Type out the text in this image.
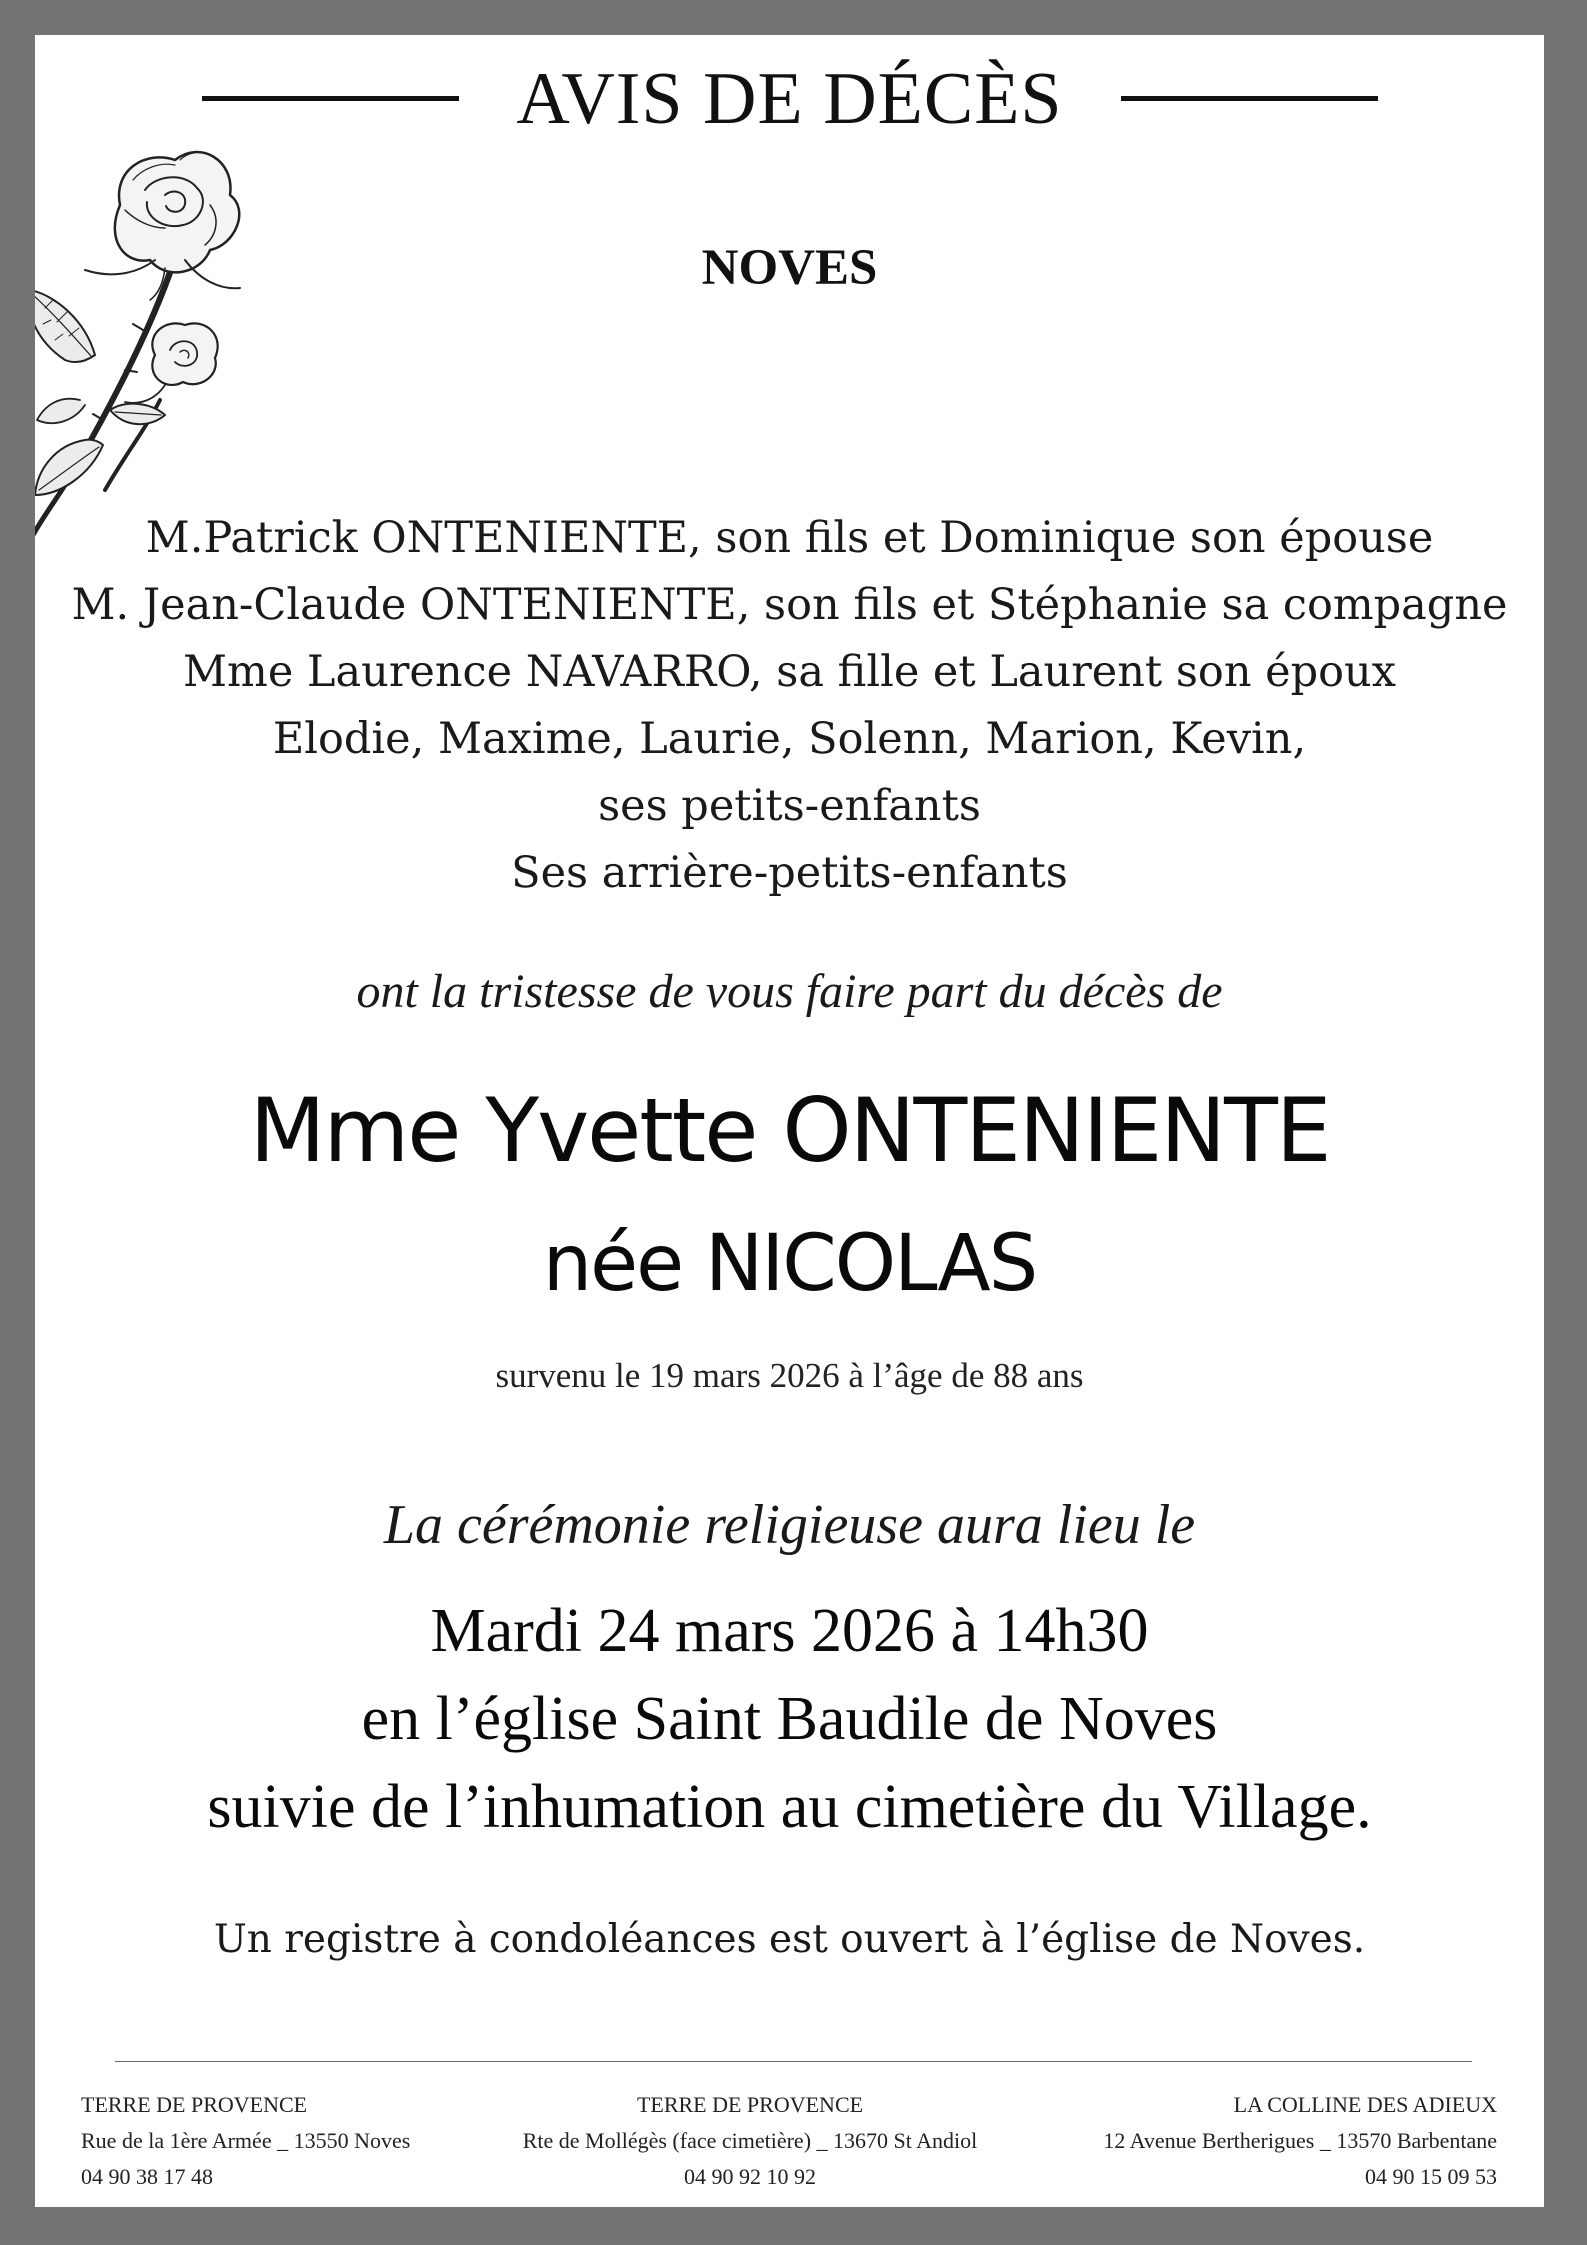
AVIS DE DÉCÈS
NOVES
M.Patrick ONTENIENTE, son fils et Dominique son épouse
M. Jean-Claude ONTENIENTE, son fils et Stéphanie sa compagne
Mme Laurence NAVARRO, sa fille et Laurent son époux
Elodie, Maxime, Laurie, Solenn, Marion, Kevin,
ses petits-enfants
Ses arrière-petits-enfants
ont la tristesse de vous faire part du décès de
Mme Yvette ONTENIENTE
née NICOLAS
survenu le 19 mars 2026 à l’âge de 88 ans
La cérémonie religieuse aura lieu le
Mardi 24 mars 2026 à 14h30
en l’église Saint Baudile de Noves
suivie de l’inhumation au cimetière du Village.
Un registre à condoléances est ouvert à l’église de Noves.
TERRE DE PROVENCE
Rue de la 1ère Armée _ 13550 Noves
04 90 38 17 48
TERRE DE PROVENCE
Rte de Mollégès (face cimetière) _ 13670 St Andiol
04 90 92 10 92
LA COLLINE DES ADIEUX
12 Avenue Bertherigues _ 13570 Barbentane
04 90 15 09 53
